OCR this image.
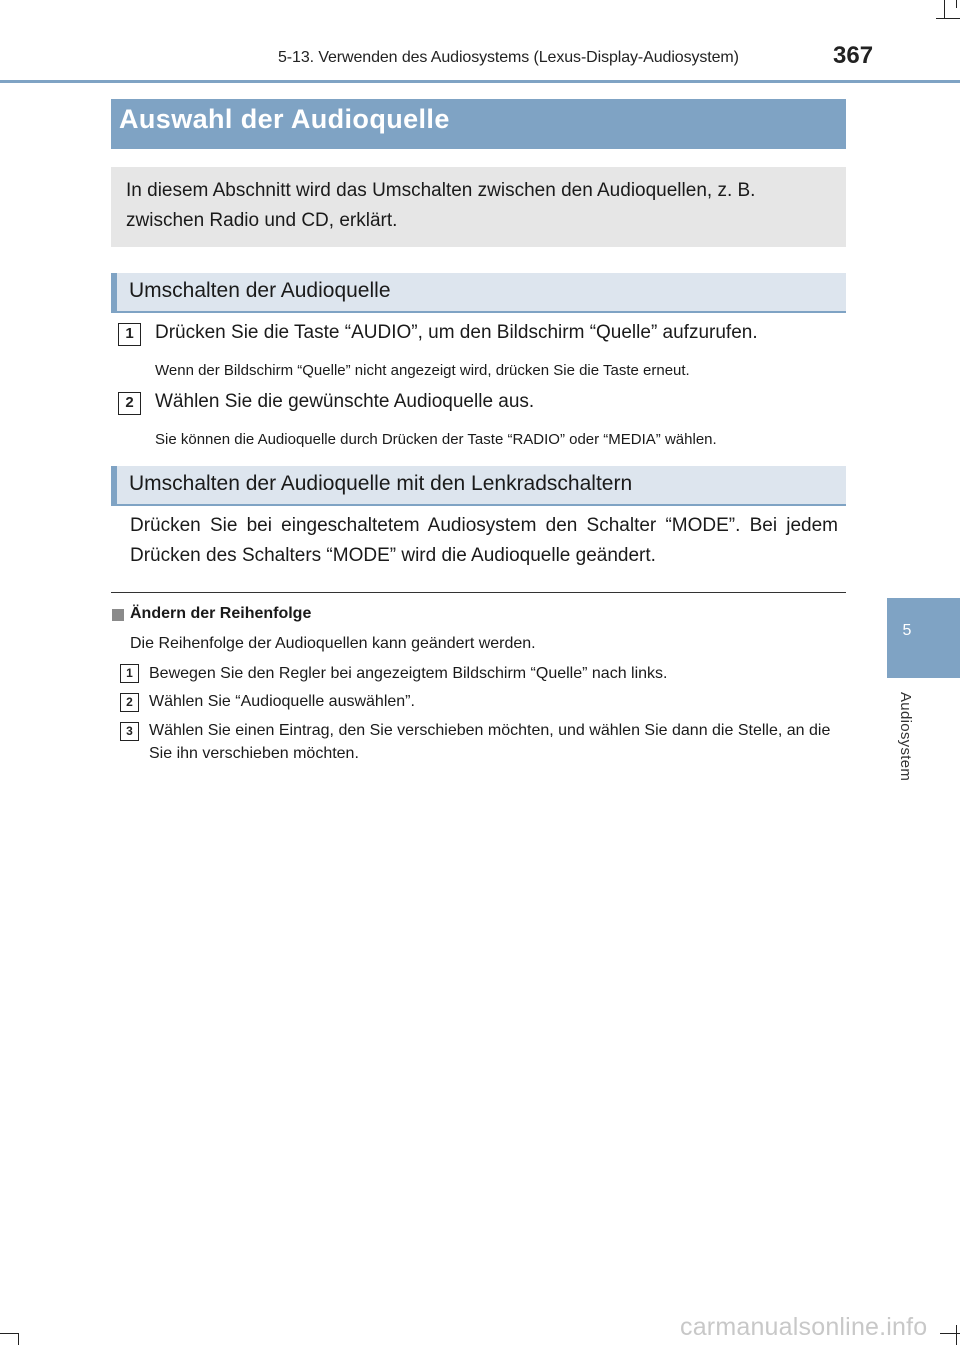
5-13. Verwenden des Audiosystems (Lexus-Display-Audiosystem)	367
5
Audiosystem
Auswahl der Audioquelle
In diesem Abschnitt wird das Umschalten zwischen den Audioquellen, z. B. zwischen Radio und CD, erklärt.
Umschalten der Audioquelle
1	Drücken Sie die Taste “AUDIO”, um den Bildschirm “Quelle” aufzurufen.
Wenn der Bildschirm “Quelle” nicht angezeigt wird, drücken Sie die Taste erneut.
2	Wählen Sie die gewünschte Audioquelle aus.
Sie können die Audioquelle durch Drücken der Taste “RADIO” oder “MEDIA” wählen.
Umschalten der Audioquelle mit den Lenkradschaltern
Drücken Sie bei eingeschaltetem Audiosystem den Schalter “MODE”. Bei jedem Drücken des Schalters “MODE” wird die Audioquelle geändert.
Ändern der Reihenfolge
Die Reihenfolge der Audioquellen kann geändert werden.
1	Bewegen Sie den Regler bei angezeigtem Bildschirm “Quelle” nach links.
2	Wählen Sie “Audioquelle auswählen”.
3	Wählen Sie einen Eintrag, den Sie verschieben möchten, und wählen Sie dann die Stelle, an die Sie ihn verschieben möchten.
carmanualsonline.info
